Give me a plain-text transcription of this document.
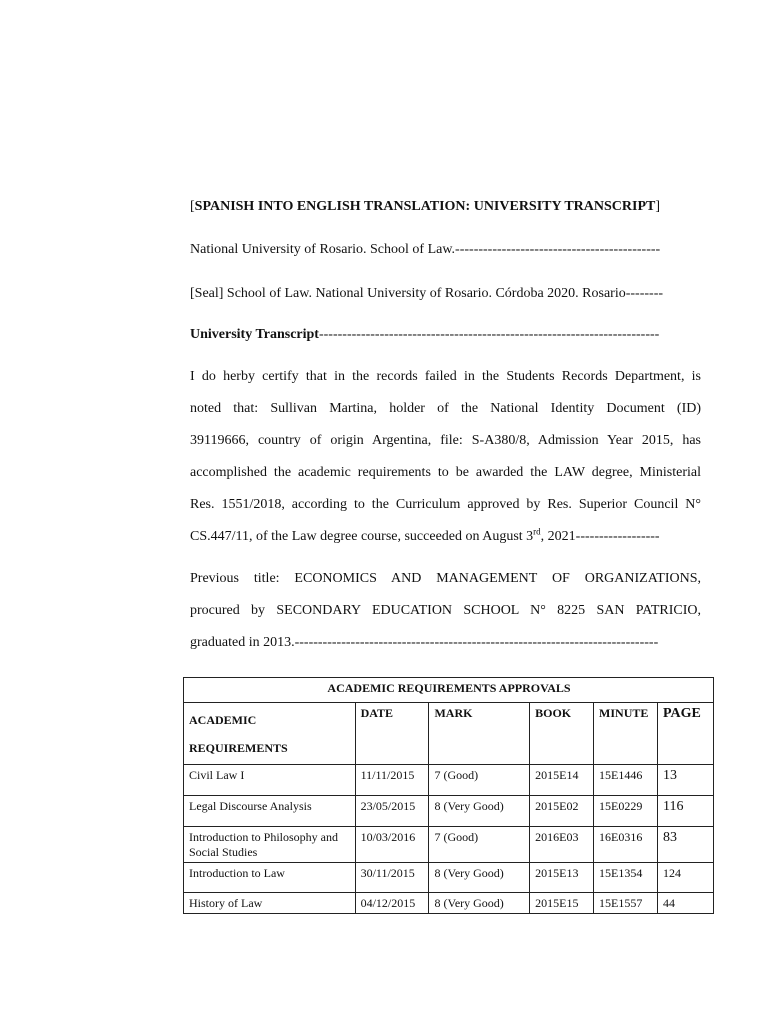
[SPANISH INTO ENGLISH TRANSLATION: UNIVERSITY TRANSCRIPT]
National University of Rosario. School of Law.--------------------------------------------
[Seal] School of Law. National University of Rosario. Córdoba 2020. Rosario--------
University Transcript-------------------------------------------------------------------------
I do herby certify that in the records failed in the Students Records Department, is
noted that: Sullivan Martina, holder of the National Identity Document (ID)
39119666, country of origin Argentina, file: S-A380/8, Admission Year 2015, has
accomplished the academic requirements to be awarded the LAW degree, Ministerial
Res. 1551/2018, according to the Curriculum approved by Res. Superior Council N°
CS.447/11, of the Law degree course, succeeded on August 3rd, 2021------------------
Previous title: ECONOMICS AND MANAGEMENT OF ORGANIZATIONS,
procured by SECONDARY EDUCATION SCHOOL N° 8225 SAN PATRICIO,
graduated in 2013.------------------------------------------------------------------------------
ACADEMIC REQUIREMENTS APPROVALS					

ACADEMIC
REQUIREMENTS	DATE	MARK	BOOK	MINUTE	PAGE
Civil Law I	11/11/2015	7 (Good)	2015E14	15E1446	13
Legal Discourse Analysis	23/05/2015	8 (Very Good)	2015E02	15E0229	116
Introduction to Philosophy and Social Studies	10/03/2016	7 (Good)	2016E03	16E0316	83
Introduction to Law	30/11/2015	8 (Very Good)	2015E13	15E1354	124
History of Law	04/12/2015	8 (Very Good)	2015E15	15E1557	44
